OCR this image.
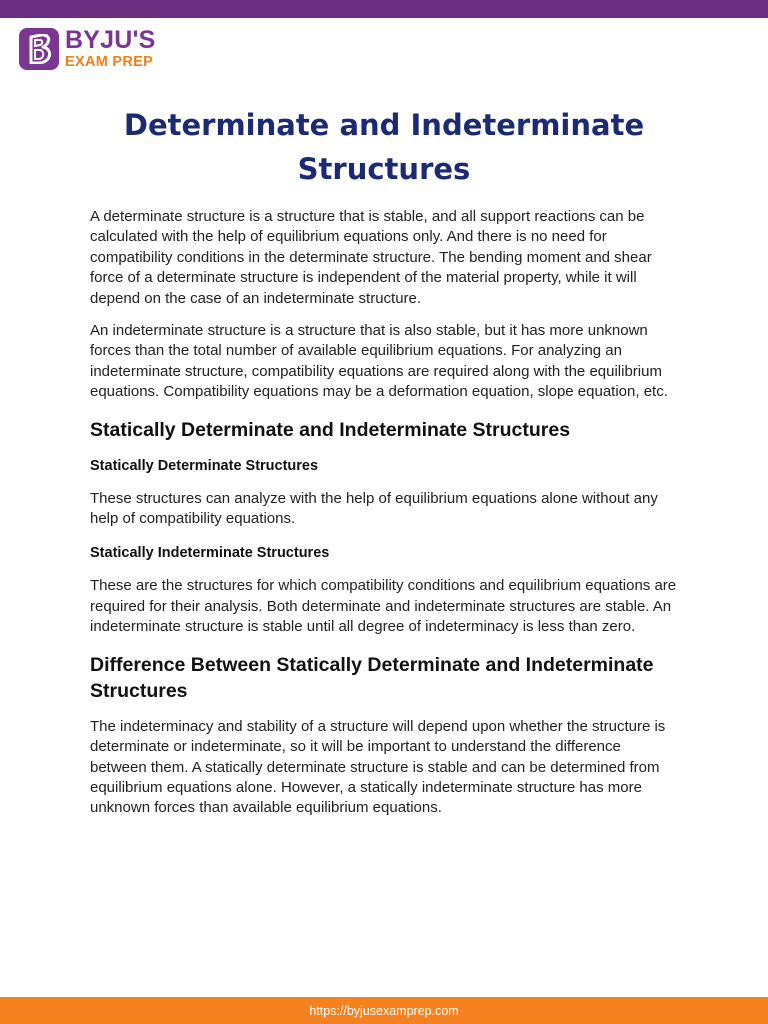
BYJU'S
EXAM PREP
Determinate and Indeterminate Structures

A determinate structure is a structure that is stable, and all support reactions can be calculated with the help of equilibrium equations only. And there is no need for compatibility conditions in the determinate structure. The bending moment and shear force of a determinate structure is independent of the material property, while it will depend on the case of an indeterminate structure.

An indeterminate structure is a structure that is also stable, but it has more unknown forces than the total number of available equilibrium equations. For analyzing an indeterminate structure, compatibility equations are required along with the equilibrium equations. Compatibility equations may be a deformation equation, slope equation, etc.

Statically Determinate and Indeterminate Structures
Statically Determinate Structures

These structures can analyze with the help of equilibrium equations alone without any help of compatibility equations.

Statically Indeterminate Structures

These are the structures for which compatibility conditions and equilibrium equations are required for their analysis. Both determinate and indeterminate structures are stable. An indeterminate structure is stable until all degree of indeterminacy is less than zero.

Difference Between Statically Determinate and Indeterminate Structures

The indeterminacy and stability of a structure will depend upon whether the structure is determinate or indeterminate, so it will be important to understand the difference between them. A statically determinate structure is stable and can be determined from equilibrium equations alone. However, a statically indeterminate structure has more unknown forces than available equilibrium equations.

https://byjusexamprep.com
